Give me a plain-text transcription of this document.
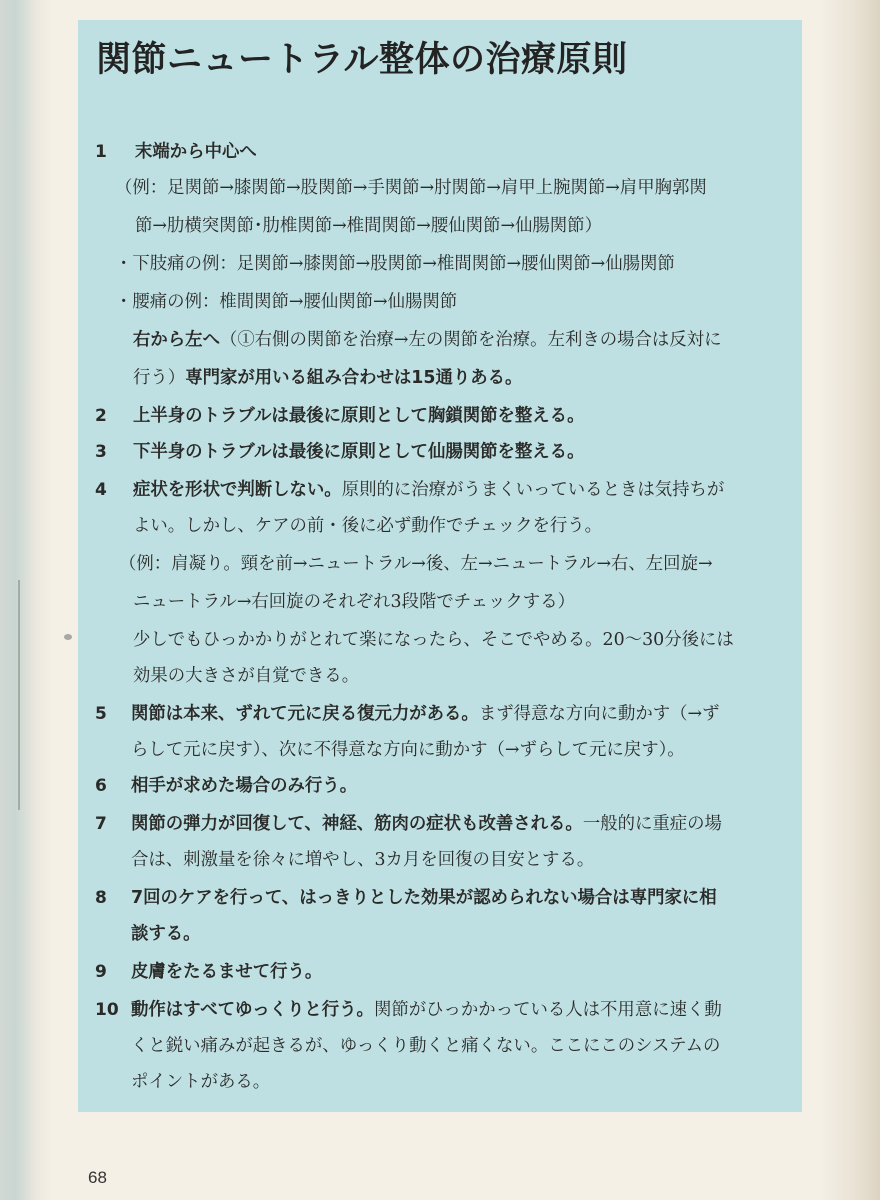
関節ニュートラル整体の治療原則
1	末端から中心へ
（例：足関節→膝関節→股関節→手関節→肘関節→肩甲上腕関節→肩甲胸郭関
節→肋横突関節･肋椎関節→椎間関節→腰仙関節→仙腸関節）
・下肢痛の例：足関節→膝関節→股関節→椎間関節→腰仙関節→仙腸関節
・腰痛の例：椎間関節→腰仙関節→仙腸関節
右から左へ（①右側の関節を治療→左の関節を治療。左利きの場合は反対に
行う）専門家が用いる組み合わせは15通りある。
2	上半身のトラブルは最後に原則として胸鎖関節を整える。
3	下半身のトラブルは最後に原則として仙腸関節を整える。
4	症状を形状で判断しない。原則的に治療がうまくいっているときは気持ちが
よい。しかし、ケアの前・後に必ず動作でチェックを行う。
（例：肩凝り。頸を前→ニュートラル→後、左→ニュートラル→右、左回旋→
ニュートラル→右回旋のそれぞれ3段階でチェックする）
少しでもひっかかりがとれて楽になったら、そこでやめる。20〜30分後には
効果の大きさが自覚できる。
5	関節は本来、ずれて元に戻る復元力がある。まず得意な方向に動かす（→ず
らして元に戻す）、次に不得意な方向に動かす（→ずらして元に戻す）。
6	相手が求めた場合のみ行う。
7	関節の弾力が回復して、神経、筋肉の症状も改善される。一般的に重症の場
合は、刺激量を徐々に増やし、3カ月を回復の目安とする。
8	7回のケアを行って、はっきりとした効果が認められない場合は専門家に相
談する。
9	皮膚をたるませて行う。
10 動作はすべてゆっくりと行う。関節がひっかかっている人は不用意に速く動
くと鋭い痛みが起きるが、ゆっくり動くと痛くない。ここにこのシステムの
ポイントがある。
68
